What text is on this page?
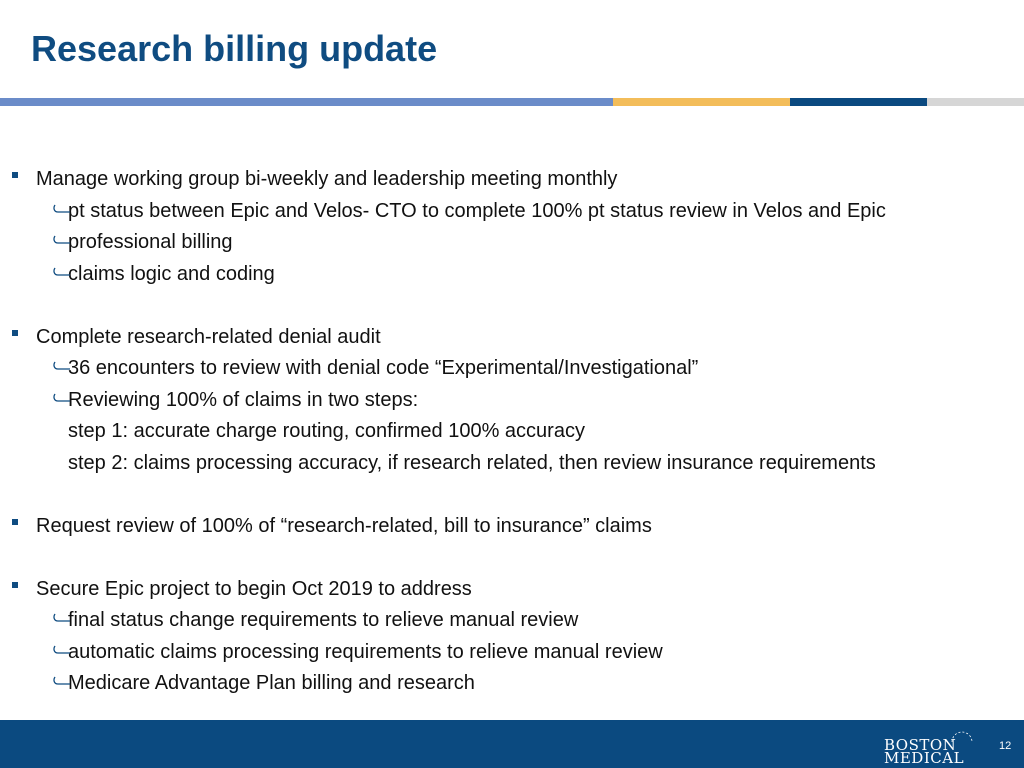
Research billing update
Manage working group bi-weekly and leadership meeting monthly
pt status between Epic and Velos- CTO to complete 100% pt status review in Velos and Epic
professional billing
claims logic and coding
Complete research-related denial audit
36 encounters to review with denial code “Experimental/Investigational”
Reviewing 100% of claims in two steps:
step 1: accurate charge routing, confirmed 100% accuracy
step 2: claims processing accuracy, if research related, then review insurance requirements
Request review of 100% of “research-related, bill to insurance” claims
Secure Epic project to begin Oct 2019 to address
final status change requirements to relieve manual review
automatic claims processing requirements to relieve manual review
Medicare Advantage Plan billing and research
BOSTON
MEDICAL
12
